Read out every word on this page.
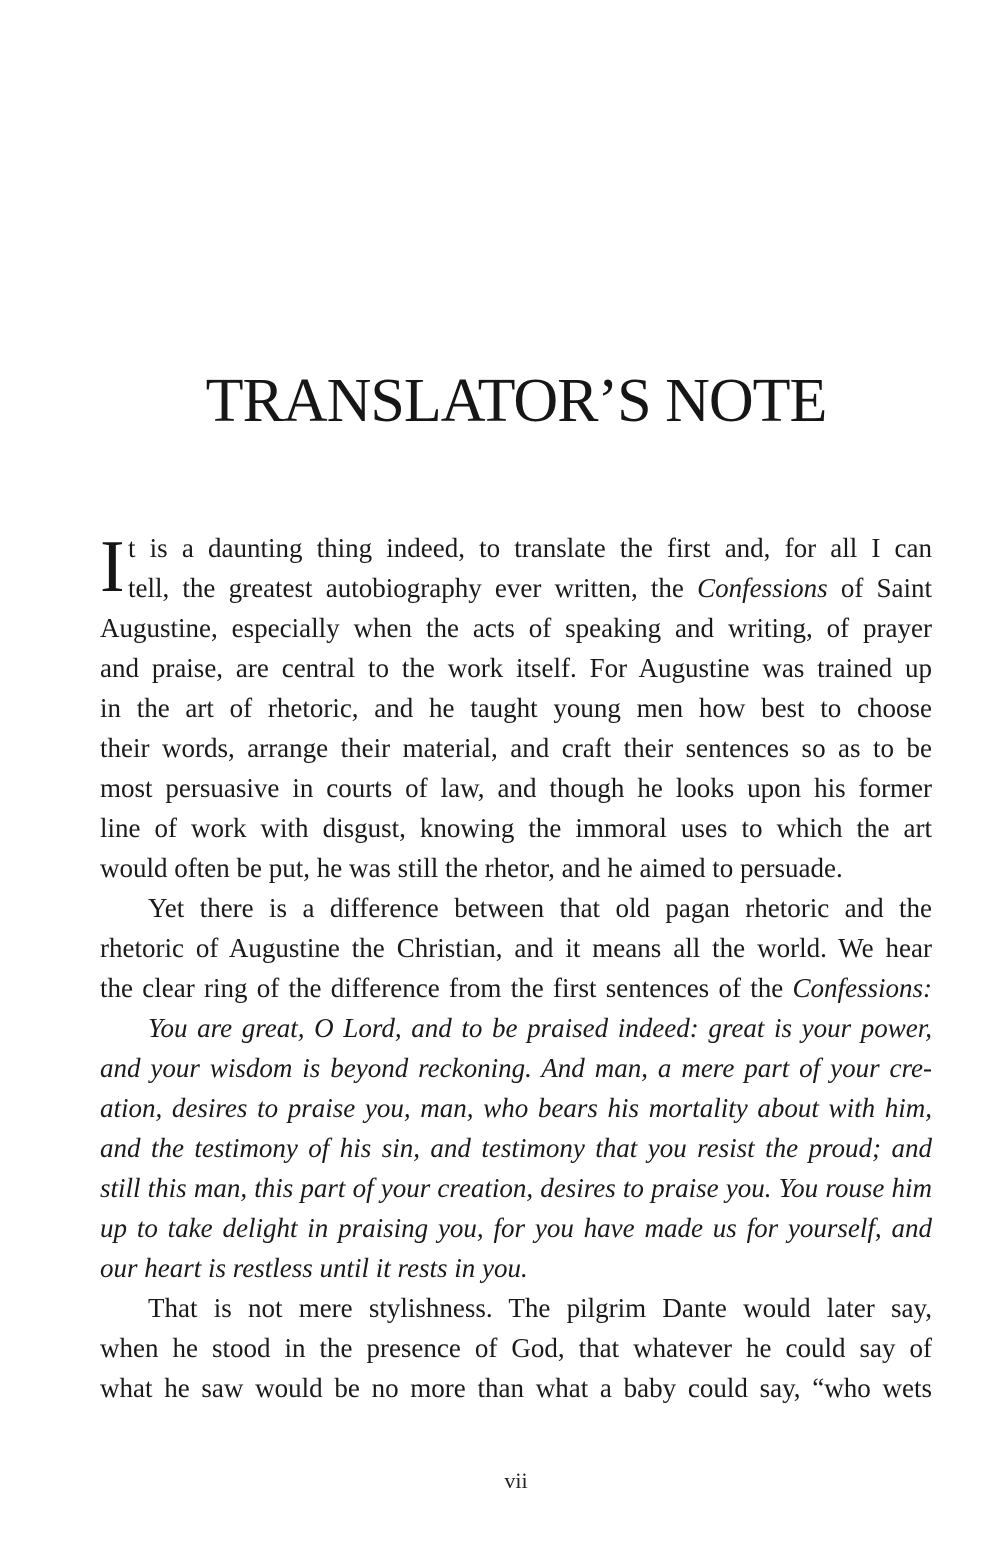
TRANSLATOR’S NOTE
I t is a daunting thing indeed, to translate the first and, for all I can
tell, the greatest autobiography ever written, the Confessions of Saint
Augustine, especially when the acts of speaking and writing, of prayer
and praise, are central to the work itself. For Augustine was trained up
in the art of rhetoric, and he taught young men how best to choose
their words, arrange their material, and craft their sentences so as to be
most persuasive in courts of law, and though he looks upon his former
line of work with disgust, knowing the immoral uses to which the art
would often be put, he was still the rhetor, and he aimed to persuade.
Yet there is a difference between that old pagan rhetoric and the
rhetoric of Augustine the Christian, and it means all the world. We hear
the clear ring of the difference from the first sentences of the Confessions:
You are great, O Lord, and to be praised indeed: great is your power,
and your wisdom is beyond reckoning. And man, a mere part of your cre-
ation, desires to praise you, man, who bears his mortality about with him,
and the testimony of his sin, and testimony that you resist the proud; and
still this man, this part of your creation, desires to praise you. You rouse him
up to take delight in praising you, for you have made us for yourself, and
our heart is restless until it rests in you.
That is not mere stylishness. The pilgrim Dante would later say,
when he stood in the presence of God, that whatever he could say of
what he saw would be no more than what a baby could say, “who wets
vii
